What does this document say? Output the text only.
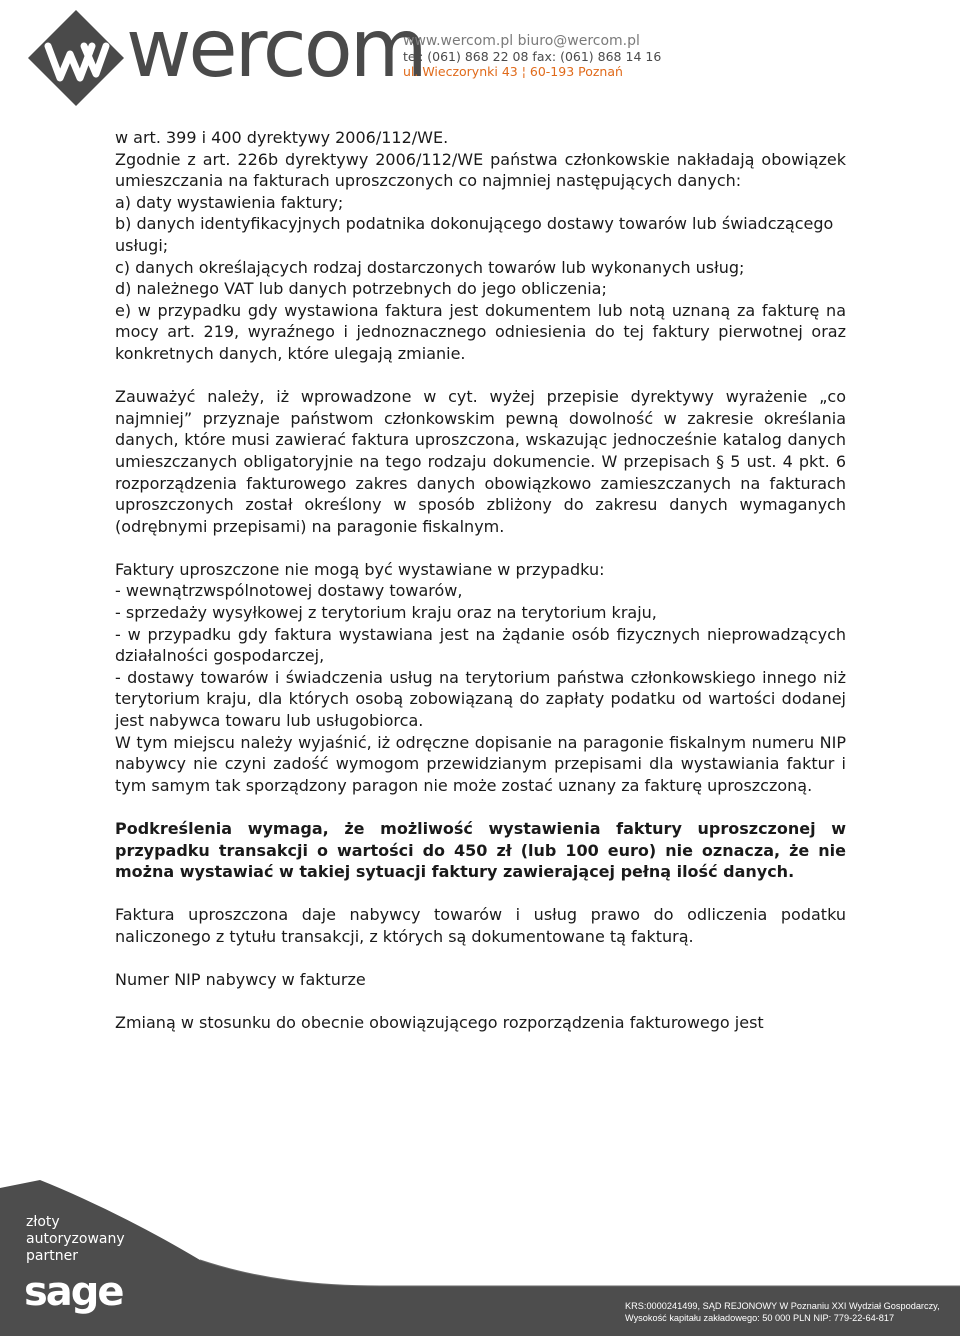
wercom
www.wercom.pl biuro@wercom.pl
tel: (061) 868 22 08 fax: (061) 868 14 16
ul. Wieczorynki 43 ¦ 60-193 Poznań
w art. 399 i 400 dyrektywy 2006/112/WE.
Zgodnie z art. 226b dyrektywy 2006/112/WE państwa członkowskie nakładają obowiązek umieszczania na fakturach uproszczonych co najmniej następujących danych:
a) daty wystawienia faktury;
b) danych identyfikacyjnych podatnika dokonującego dostawy towarów lub świadczącego
usługi;
c) danych określających rodzaj dostarczonych towarów lub wykonanych usług;
d) należnego VAT lub danych potrzebnych do jego obliczenia;
e) w przypadku gdy wystawiona faktura jest dokumentem lub notą uznaną za fakturę na mocy art. 219, wyraźnego i jednoznacznego odniesienia do tej faktury pierwotnej oraz konkretnych danych, które ulegają zmianie.
Zauważyć należy, iż wprowadzone w cyt. wyżej przepisie dyrektywy wyrażenie „co najmniej” przyznaje państwom członkowskim pewną dowolność w zakresie określania danych, które musi zawierać faktura uproszczona, wskazując jednocześnie katalog danych umieszczanych obligatoryjnie na tego rodzaju dokumencie. W przepisach § 5 ust. 4 pkt. 6 rozporządzenia fakturowego zakres danych obowiązkowo zamieszczanych na fakturach uproszczonych został określony w sposób zbliżony do zakresu danych wymaganych (odrębnymi przepisami) na paragonie fiskalnym.
Faktury uproszczone nie mogą być wystawiane w przypadku:
- wewnątrzwspólnotowej dostawy towarów,
- sprzedaży wysyłkowej z terytorium kraju oraz na terytorium kraju,
- w przypadku gdy faktura wystawiana jest na żądanie osób fizycznych nieprowadzących działalności gospodarczej,
- dostawy towarów i świadczenia usług na terytorium państwa członkowskiego innego niż terytorium kraju, dla których osobą zobowiązaną do zapłaty podatku od wartości dodanej jest nabywca towaru lub usługobiorca.
W tym miejscu należy wyjaśnić, iż odręczne dopisanie na paragonie fiskalnym numeru NIP nabywcy nie czyni zadość wymogom przewidzianym przepisami dla wystawiania faktur i tym samym tak sporządzony paragon nie może zostać uznany za fakturę uproszczoną.
Podkreślenia wymaga, że możliwość wystawienia faktury uproszczonej w przypadku transakcji o wartości do 450 zł (lub 100 euro) nie oznacza, że nie można wystawiać w takiej sytuacji faktury zawierającej pełną ilość danych.
Faktura uproszczona daje nabywcy towarów i usług prawo do odliczenia podatku naliczonego z tytułu transakcji, z których są dokumentowane tą fakturą.
Numer NIP nabywcy w fakturze
Zmianą w stosunku do obecnie obowiązującego rozporządzenia fakturowego jest
złoty
autoryzowany
partner
sage	KRS:0000241499, SĄD REJONOWY W Poznaniu XXI Wydział Gospodarczy,
Wysokość kapitału zakładowego: 50 000 PLN NIP: 779-22-64-817
